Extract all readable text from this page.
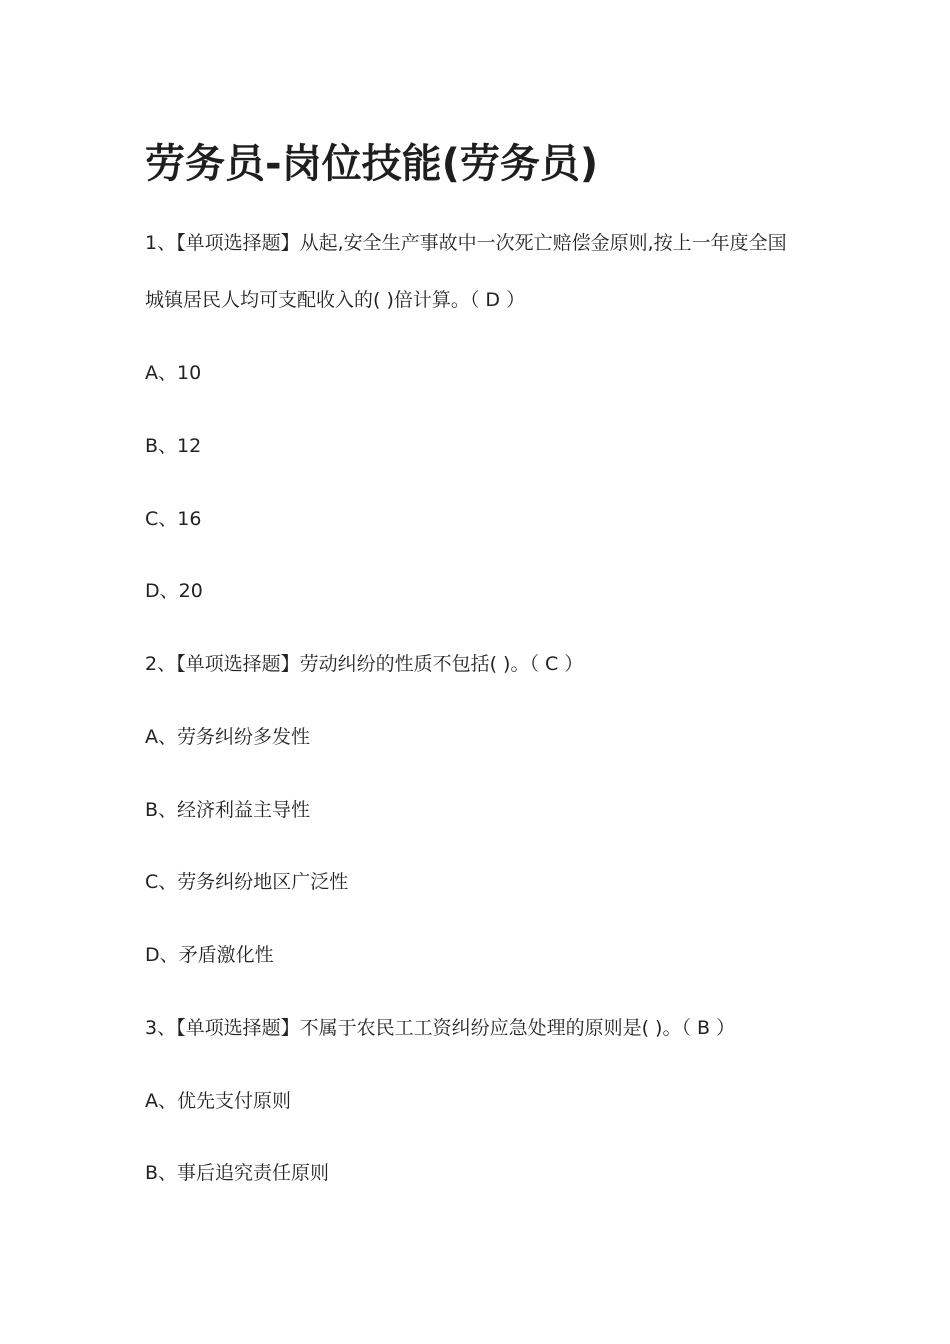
劳务员-岗位技能(劳务员)

1、【单项选择题】从起,安全生产事故中一次死亡赔偿金原则,按上一年度全国

城镇居民人均可支配收入的( )倍计算。（ D ）

A、10

B、12

C、16

D、20

2、【单项选择题】劳动纠纷的性质不包括( )。（ C ）

A、劳务纠纷多发性

B、经济利益主导性

C、劳务纠纷地区广泛性

D、矛盾激化性

3、【单项选择题】不属于农民工工资纠纷应急处理的原则是( )。（ B ）

A、优先支付原则

B、事后追究责任原则
